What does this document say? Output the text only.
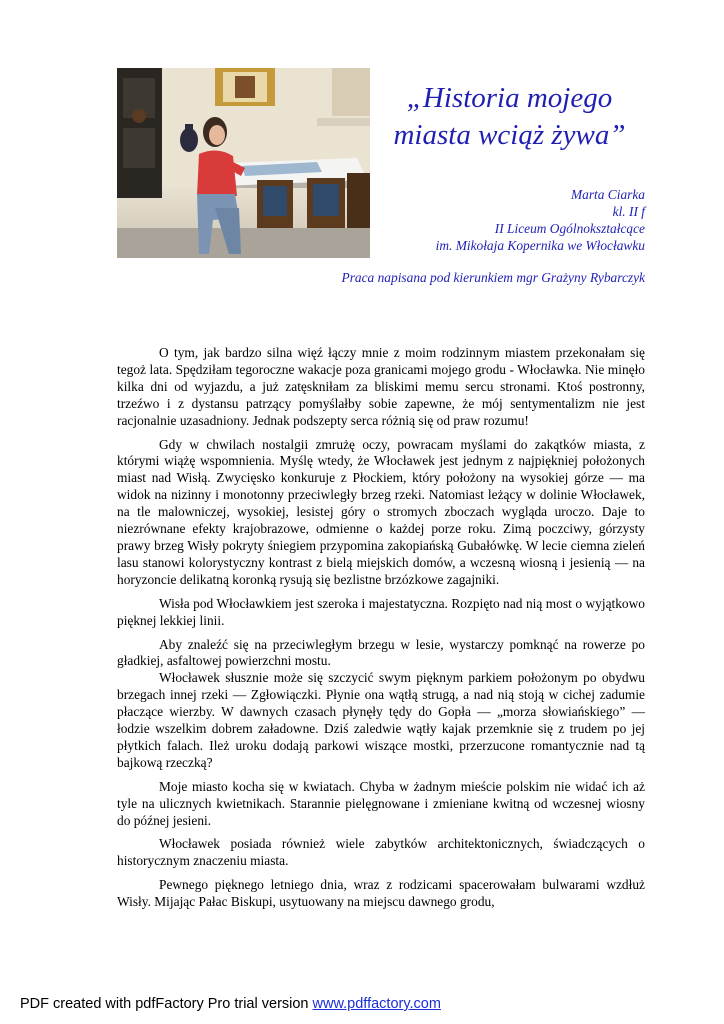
„Historia mojego
miasta wciąż żywa”
Marta Ciarka
kl. II f
II Liceum Ogólnokształcące
im. Mikołaja Kopernika we Włocławku
Praca napisana pod kierunkiem mgr Grażyny Rybarczyk

O tym, jak bardzo silna więź łączy mnie z moim rodzinnym miastem przekonałam się tegoż lata. Spędziłam tegoroczne wakacje poza granicami mojego grodu - Włocławka. Nie minęło kilka dni od wyjazdu, a już zatęskniłam za bliskimi memu sercu stronami. Ktoś postronny, trzeźwo i z dystansu patrzący pomyślałby sobie zapewne, że mój sentymentalizm nie jest racjonalnie uzasadniony. Jednak podszepty serca różnią się od praw rozumu!

Gdy w chwilach nostalgii zmrużę oczy, powracam myślami do zakątków miasta, z którymi wiążę wspomnienia. Myślę wtedy, że Włocławek jest jednym z najpiękniej położonych miast nad Wisłą. Zwycięsko konkuruje z Płockiem, który położony na wysokiej górze — ma widok na nizinny i monotonny przeciwległy brzeg rzeki. Natomiast leżący w dolinie Włocławek, na tle malowniczej, wysokiej, lesistej góry o stromych zboczach wygląda uroczo. Daje to niezrównane efekty krajobrazowe, odmienne o każdej porze roku. Zimą poczciwy, górzysty prawy brzeg Wisły pokryty śniegiem przypomina zakopiańską Gubałówkę. W lecie ciemna zieleń lasu stanowi kolorystyczny kontrast z bielą miejskich domów, a wczesną wiosną i jesienią — na horyzoncie delikatną koronką rysują się bezlistne brzózkowe zagajniki.

Wisła pod Włocławkiem jest szeroka i majestatyczna. Rozpięto nad nią most o wyjątkowo pięknej lekkiej linii.

Aby znaleźć się na przeciwległym brzegu w lesie, wystarczy pomknąć na rowerze po gładkiej, asfaltowej powierzchni mostu.

Włocławek słusznie może się szczycić swym pięknym parkiem położonym po obydwu brzegach innej rzeki — Zgłowiączki. Płynie ona wątłą strugą, a nad nią stoją w cichej zadumie płaczące wierzby. W dawnych czasach płynęły tędy do Gopła — „morza słowiańskiego” — łodzie wszelkim dobrem załadowne. Dziś zaledwie wątły kajak przemknie się z trudem po jej płytkich falach. Ileż uroku dodają parkowi wiszące mostki, przerzucone romantycznie nad tą bajkową rzeczką?

Moje miasto kocha się w kwiatach. Chyba w żadnym mieście polskim nie widać ich aż tyle na ulicznych kwietnikach. Starannie pielęgnowane i zmieniane kwitną od wczesnej wiosny do późnej jesieni.

Włocławek posiada również wiele zabytków architektonicznych, świadczących o historycznym znaczeniu miasta.

Pewnego pięknego letniego dnia, wraz z rodzicami spacerowałam bulwarami wzdłuż Wisły. Mijając Pałac Biskupi, usytuowany na miejscu dawnego grodu,

PDF created with pdfFactory Pro trial version www.pdffactory.com
